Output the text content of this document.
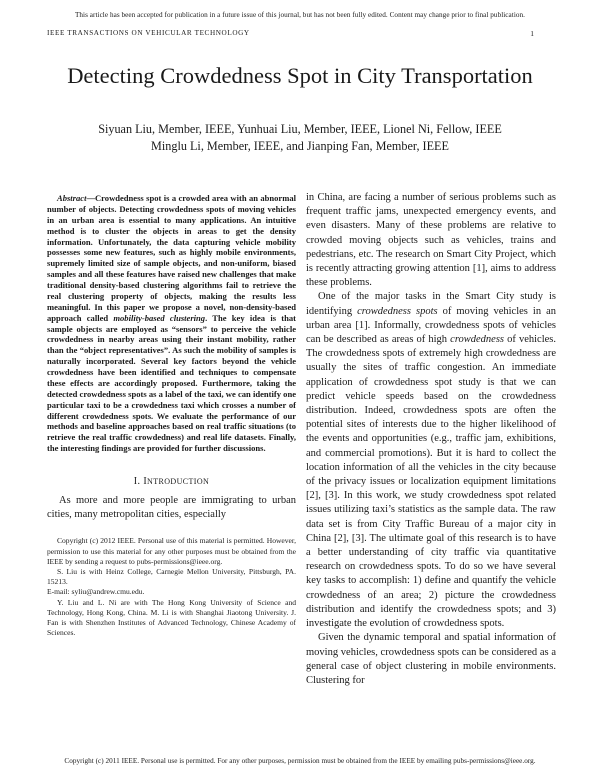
This article has been accepted for publication in a future issue of this journal, but has not been fully edited. Content may change prior to final publication.
IEEE TRANSACTIONS ON VEHICULAR TECHNOLOGY	1
Detecting Crowdedness Spot in City Transportation
Siyuan Liu, Member, IEEE, Yunhuai Liu, Member, IEEE, Lionel Ni, Fellow, IEEE
Minglu Li, Member, IEEE, and Jianping Fan, Member, IEEE

Abstract—Crowdedness spot is a crowded area with an abnormal number of objects. Detecting crowdedness spots of moving vehicles in an urban area is essential to many applications. An intuitive method is to cluster the objects in areas to get the density information. Unfortunately, the data capturing vehicle mobility possesses some new features, such as highly mobile environments, supremely limited size of sample objects, and non-uniform, biased samples and all these features have raised new challenges that make traditional density-based clustering algorithms fail to retrieve the real clustering property of objects, making the results less meaningful. In this paper we propose a novel, non-density-based approach called mobility-based clustering. The key idea is that sample objects are employed as “sensors” to perceive the vehicle crowdedness in nearby areas using their instant mobility, rather than the “object representatives”. As such the mobility of samples is naturally incorporated. Several key factors beyond the vehicle crowdedness have been identified and techniques to compensate these effects are accordingly proposed. Furthermore, taking the detected crowdedness spots as a label of the taxi, we can identify one particular taxi to be a crowdedness taxi which crosses a number of different crowdedness spots. We evaluate the performance of our methods and baseline approaches based on real traffic situations (to retrieve the real traffic crowdedness) and real life datasets. Finally, the interesting findings are provided for further discussions.

I. INTRODUCTION

As more and more people are immigrating to urban cities, many metropolitan cities, especially

Copyright (c) 2012 IEEE. Personal use of this material is permitted. However, permission to use this material for any other purposes must be obtained from the IEEE by sending a request to pubs-permissions@ieee.org.

S. Liu is with Heinz College, Carnegie Mellon University, Pittsburgh, PA. 15213.

E-mail: syliu@andrew.cmu.edu.

Y. Liu and L. Ni are with The Hong Kong University of Science and Technology, Hong Kong, China. M. Li is with Shanghai Jiaotong University. J. Fan is with Shenzhen Institutes of Advanced Technology, Chinese Academy of Sciences.

in China, are facing a number of serious problems such as frequent traffic jams, unexpected emergency events, and even disasters. Many of these problems are relative to crowded moving objects such as vehicles, trains and pedestrians, etc. The research on Smart City Project, which is recently attracting growing attention [1], aims to address these problems.

One of the major tasks in the Smart City study is identifying crowdedness spots of moving vehicles in an urban area [1]. Informally, crowdedness spots of vehicles can be described as areas of high crowdedness of vehicles. The crowdedness spots of extremely high crowdedness are usually the sites of traffic congestion. An immediate application of crowdedness spot study is that we can predict vehicle speeds based on the crowdedness distribution. Indeed, crowdedness spots are often the potential sites of interests due to the higher likelihood of the events and opportunities (e.g., traffic jam, exhibitions, and commercial promotions). But it is hard to collect the location information of all the vehicles in the city because of the privacy issues or localization equipment limitations [2], [3]. In this work, we study crowdedness spot related issues utilizing taxi’s statistics as the sample data. The raw data set is from City Traffic Bureau of a major city in China [2], [3]. The ultimate goal of this research is to have a better understanding of city traffic via quantitative research on crowdedness spots. To do so we have several key tasks to accomplish: 1) define and quantify the vehicle crowdedness of an area; 2) picture the crowdedness distribution and identify the crowdedness spots; and 3) investigate the evolution of crowdedness spots.

Given the dynamic temporal and spatial information of moving vehicles, crowdedness spots can be considered as a general case of object clustering in mobile environments. Clustering for

Copyright (c) 2011 IEEE. Personal use is permitted. For any other purposes, permission must be obtained from the IEEE by emailing pubs-permissions@ieee.org.
